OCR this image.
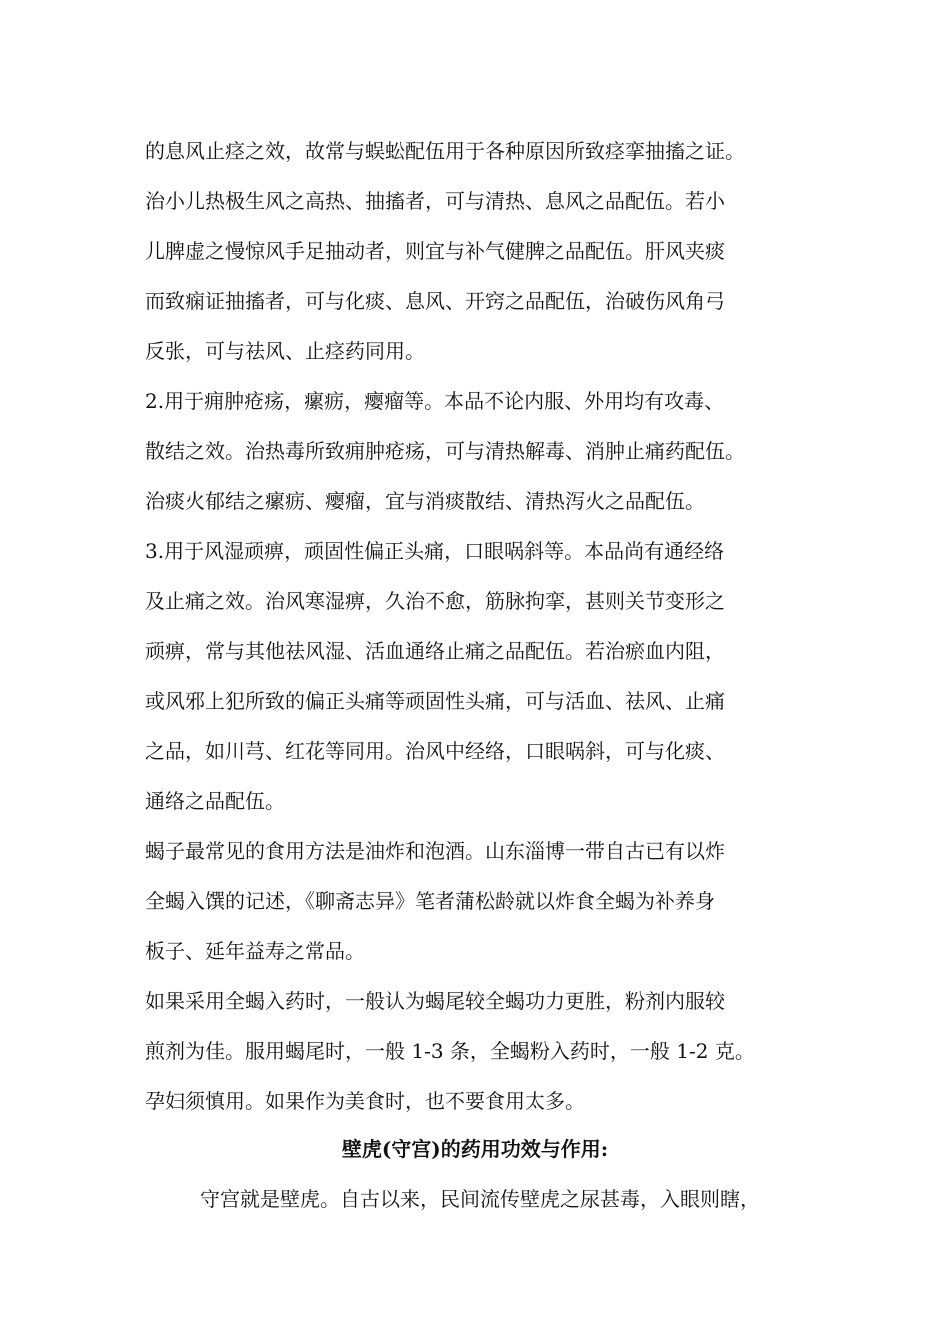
的息风止痉之效，故常与蜈蚣配伍用于各种原因所致痉挛抽搐之证。
治小儿热极生风之高热、抽搐者，可与清热、息风之品配伍。若小
儿脾虚之慢惊风手足抽动者，则宜与补气健脾之品配伍。肝风夹痰
而致痫证抽搐者，可与化痰、息风、开窍之品配伍，治破伤风角弓
反张，可与祛风、止痉药同用。
2.用于痈肿疮疡，瘰疬，瘿瘤等。本品不论内服、外用均有攻毒、
散结之效。治热毒所致痈肿疮疡，可与清热解毒、消肿止痛药配伍。
治痰火郁结之瘰疬、瘿瘤，宜与消痰散结、清热泻火之品配伍。
3.用于风湿顽痹，顽固性偏正头痛，口眼㖞斜等。本品尚有通经络
及止痛之效。治风寒湿痹，久治不愈，筋脉拘挛，甚则关节变形之
顽痹，常与其他祛风湿、活血通络止痛之品配伍。若治瘀血内阻，
或风邪上犯所致的偏正头痛等顽固性头痛，可与活血、祛风、止痛
之品，如川芎、红花等同用。治风中经络，口眼㖞斜，可与化痰、
通络之品配伍。
蝎子最常见的食用方法是油炸和泡酒。山东淄博一带自古已有以炸
全蝎入馔的记述，《聊斋志异》笔者蒲松龄就以炸食全蝎为补养身
板子、延年益寿之常品。
如果采用全蝎入药时，一般认为蝎尾较全蝎功力更胜，粉剂内服较
煎剂为佳。服用蝎尾时，一般 1-3 条，全蝎粉入药时，一般 1-2 克。
孕妇须慎用。如果作为美食时，也不要食用太多。
壁虎(守宫)的药用功效与作用:
守宫就是壁虎。自古以来，民间流传壁虎之尿甚毒，入眼则瞎，
